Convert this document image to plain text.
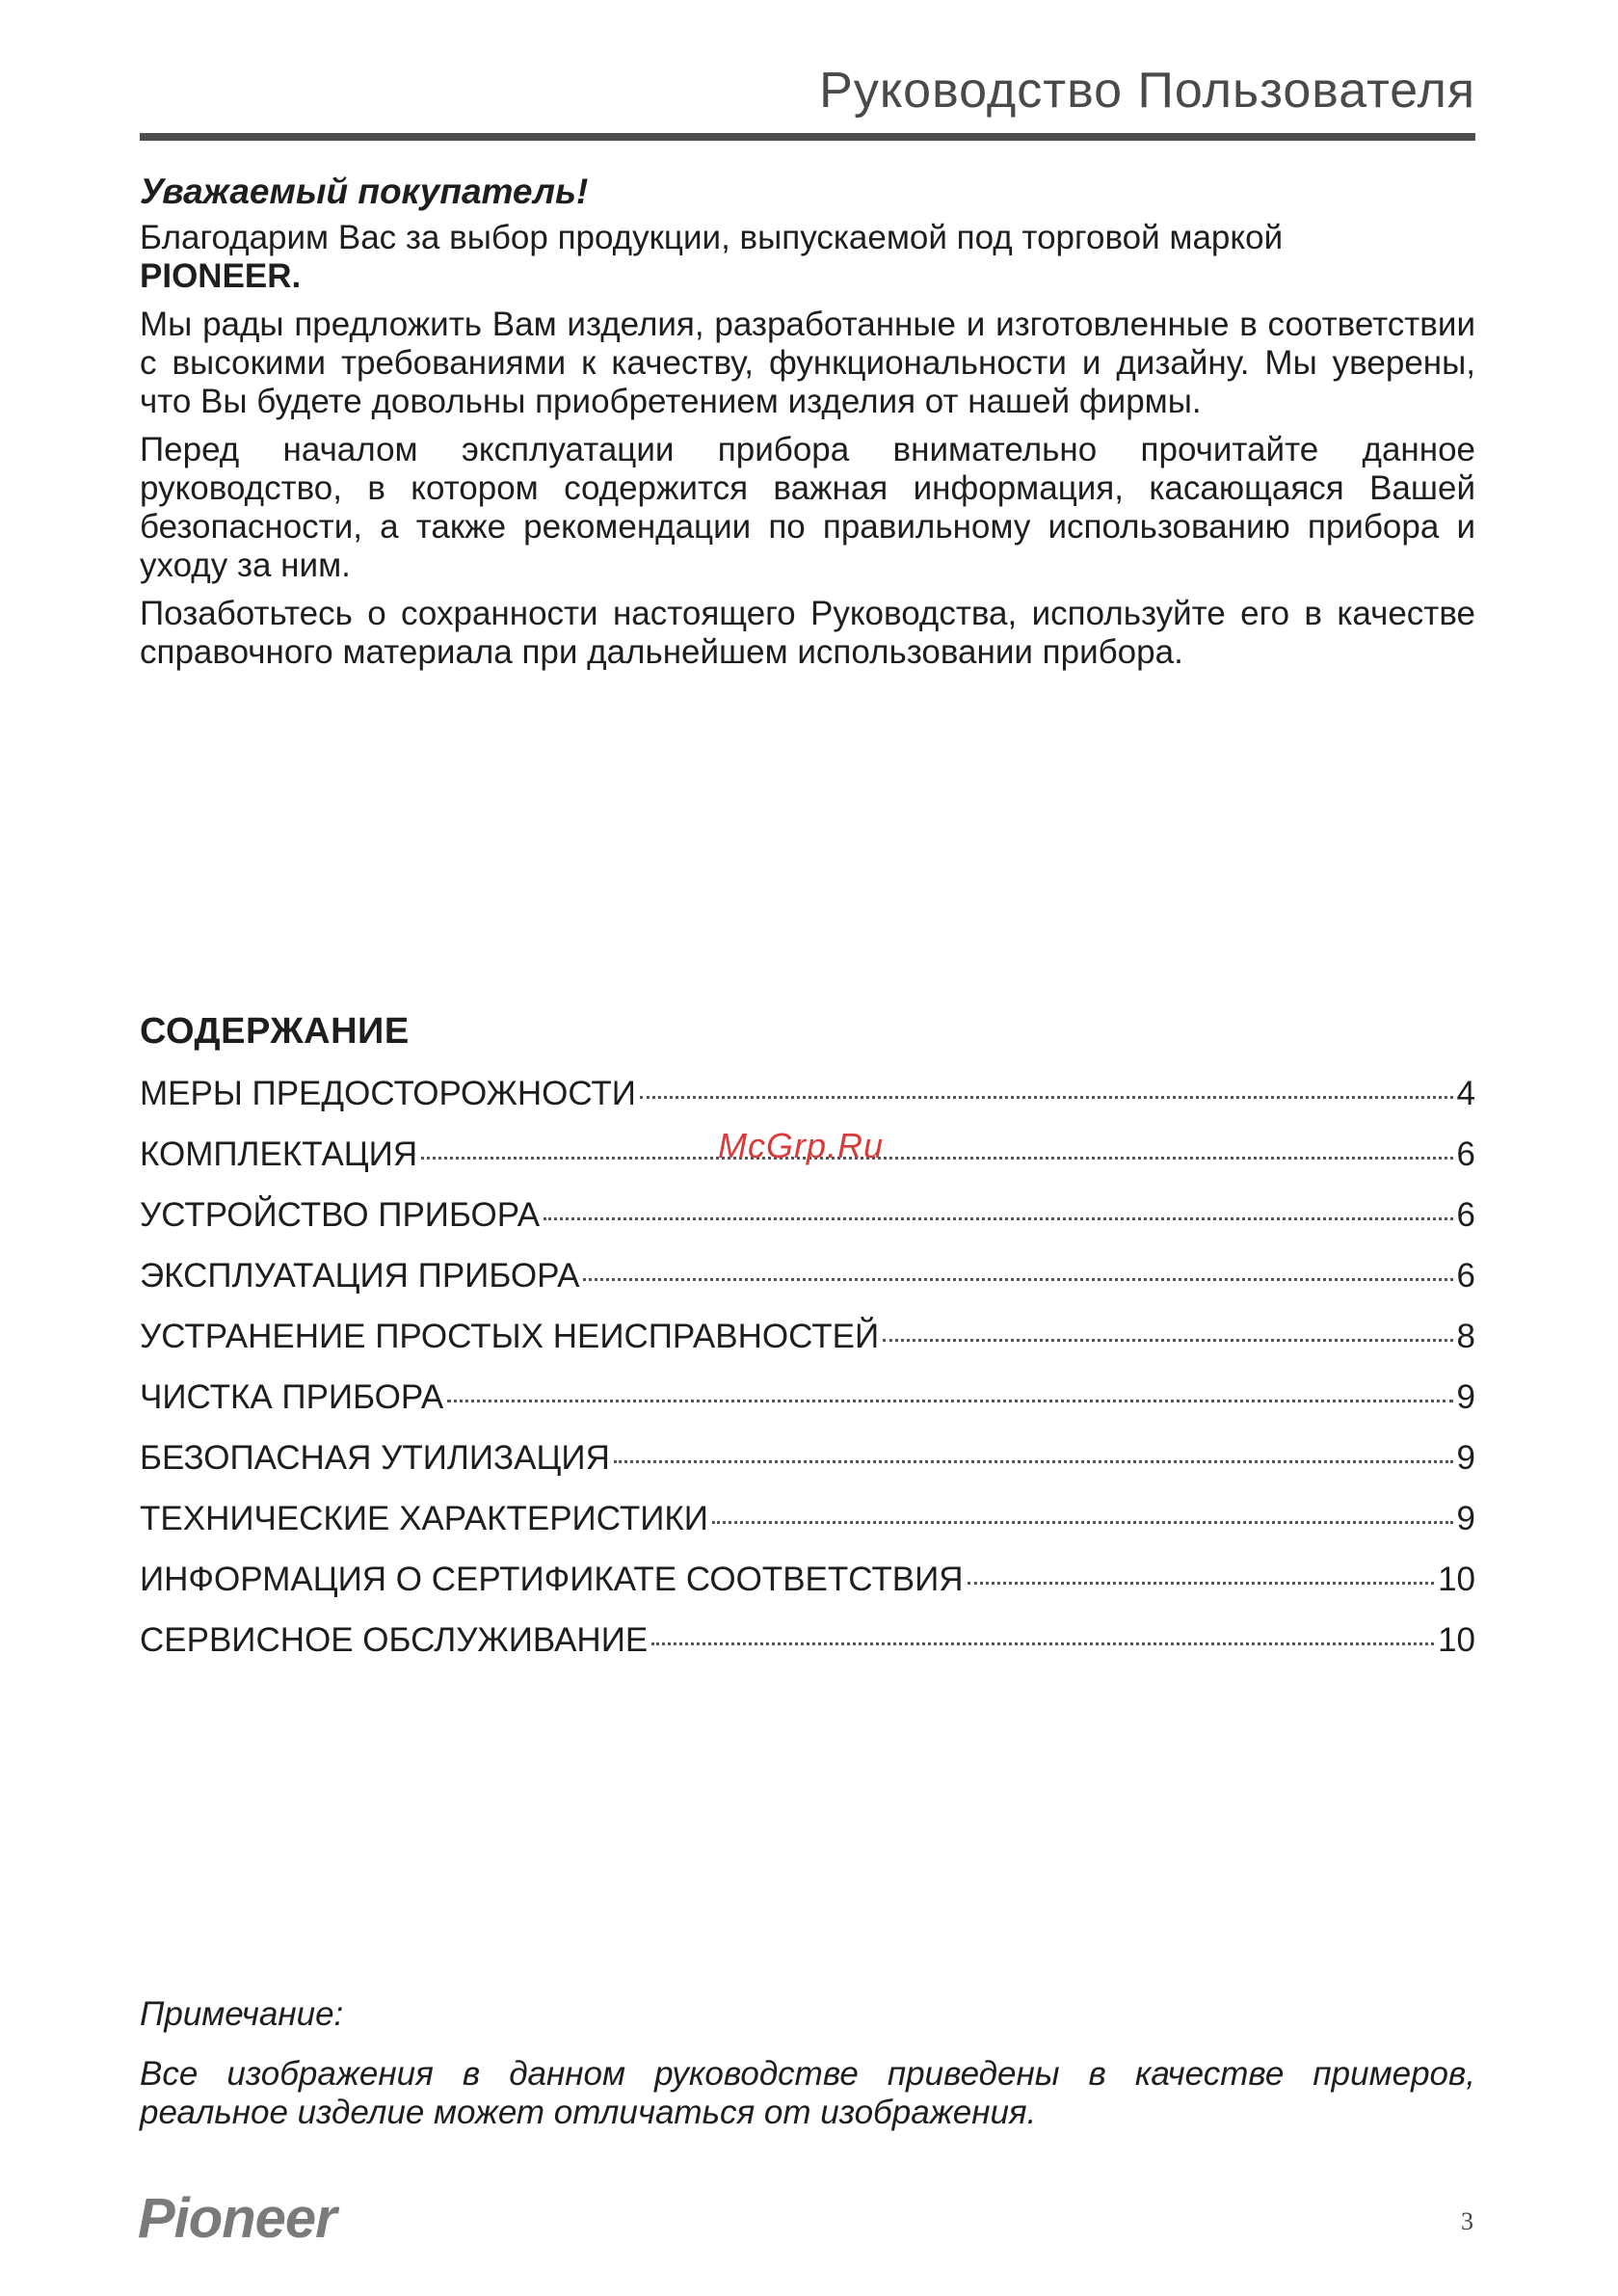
Руководство Пользователя
Уважаемый покупатель!

Благодарим Вас за выбор продукции, выпускаемой под торговой маркой
PIONEER.

Мы рады предложить Вам изделия, разработанные и изготовленные в соответствии с высокими требованиями к качеству, функциональности и дизайну. Мы уверены, что Вы будете довольны приобретением изделия от нашей фирмы.

Перед началом эксплуатации прибора внимательно прочитайте данное руководство, в котором содержится важная информация, касающаяся Вашей безопасности, а также рекомендации по правильному использованию прибора и уходу за ним.

Позаботьтесь о сохранности настоящего Руководства, используйте его в качестве справочного материала при дальнейшем использовании прибора.

СОДЕРЖАНИЕ
МЕРЫ ПРЕДОСТОРОЖНОСТИ	4
КОМПЛЕКТАЦИЯ	6
УСТРОЙСТВО ПРИБОРА	6
ЭКСПЛУАТАЦИЯ ПРИБОРА	6
УСТРАНЕНИЕ ПРОСТЫХ НЕИСПРАВНОСТЕЙ	8
ЧИСТКА ПРИБОРА	9
БЕЗОПАСНАЯ УТИЛИЗАЦИЯ	9
ТЕХНИЧЕСКИЕ ХАРАКТЕРИСТИКИ	9
ИНФОРМАЦИЯ О СЕРТИФИКАТЕ СООТВЕТСТВИЯ	10
СЕРВИСНОЕ ОБСЛУЖИВАНИЕ	10
McGrp.Ru
Примечание:
Все изображения в данном руководстве приведены в качестве примеров, реальное изделие может отличаться от изображения.
Pioneer	3
